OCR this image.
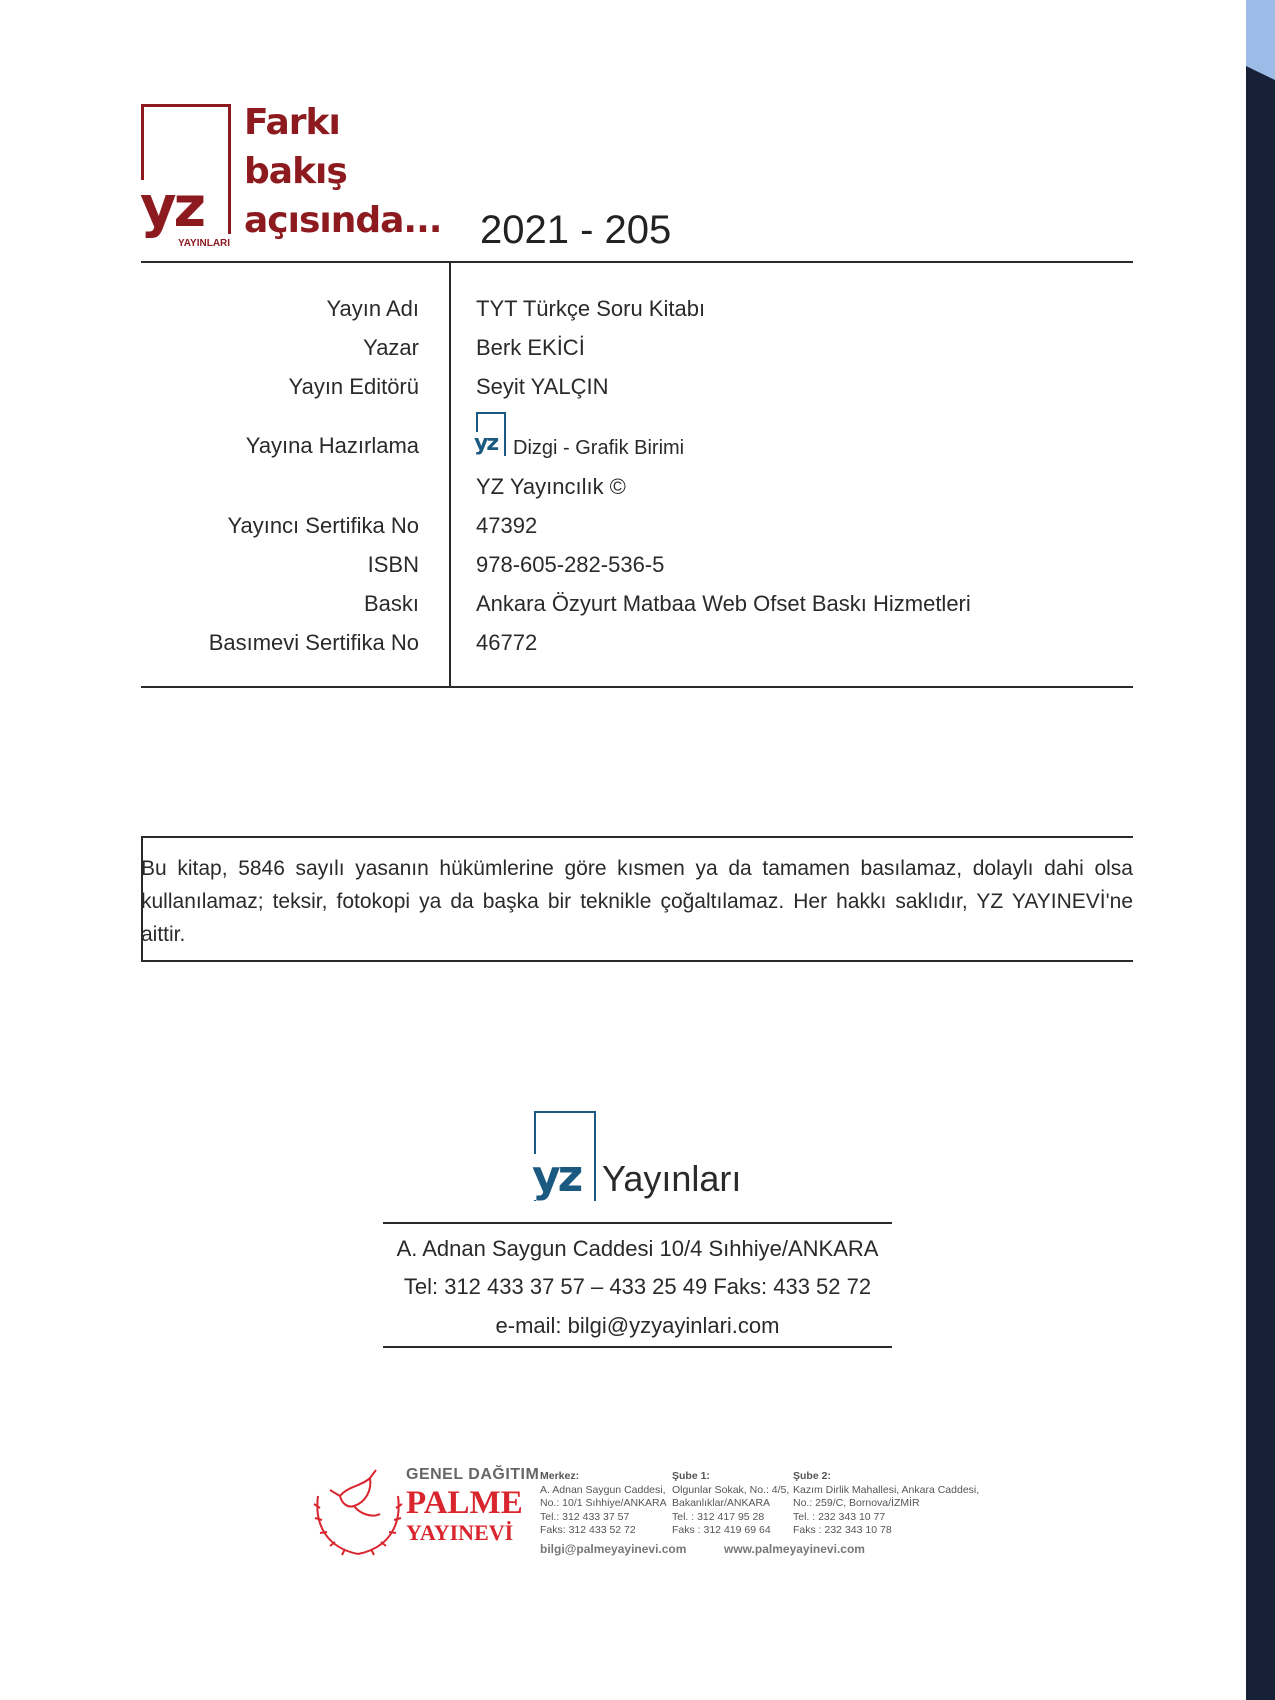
yz
YAYINLARI
Farkı
bakış
açısında... 2021 - 205
Yayın Adı	TYT Türkçe Soru Kitabı
Yazar	Berk EKİCİ
Yayın Editörü	Seyit YALÇIN
Yayına Hazırlama	yz Dizgi - Grafik Birimi
YZ Yayıncılık ©
Yayıncı Sertifika No	47392
ISBN	978-605-282-536-5
Baskı	Ankara Özyurt Matbaa Web Ofset Baskı Hizmetleri
Basımevi Sertifika No	46772
Bu kitap, 5846 sayılı yasanın hükümlerine göre kısmen ya da tamamen basılamaz, dolaylı dahi olsa kullanılamaz; teksir, fotokopi ya da başka bir teknikle çoğaltılamaz. Her hakkı saklıdır, YZ YAYINEVİ'ne aittir.
yz Yayınları
A. Adnan Saygun Caddesi 10/4 Sıhhiye/ANKARA
Tel: 312 433 37 57 – 433 25 49 Faks: 433 52 72
e-mail: bilgi@yzyayinlari.com
GENEL DAĞITIM
PALME
YAYINEVİ
Merkez:
A. Adnan Saygun Caddesi,
No.: 10/1 Sıhhiye/ANKARA
Tel.: 312 433 37 57
Faks: 312 433 52 72
Şube 1:
Olgunlar Sokak, No.: 4/5,
Bakanlıklar/ANKARA
Tel. : 312 417 95 28
Faks : 312 419 69 64
Şube 2:
Kazım Dirlik Mahallesi, Ankara Caddesi,
No.: 259/C, Bornova/İZMİR
Tel. : 232 343 10 77
Faks : 232 343 10 78
bilgi@palmeyayinevi.com	www.palmeyayinevi.com
